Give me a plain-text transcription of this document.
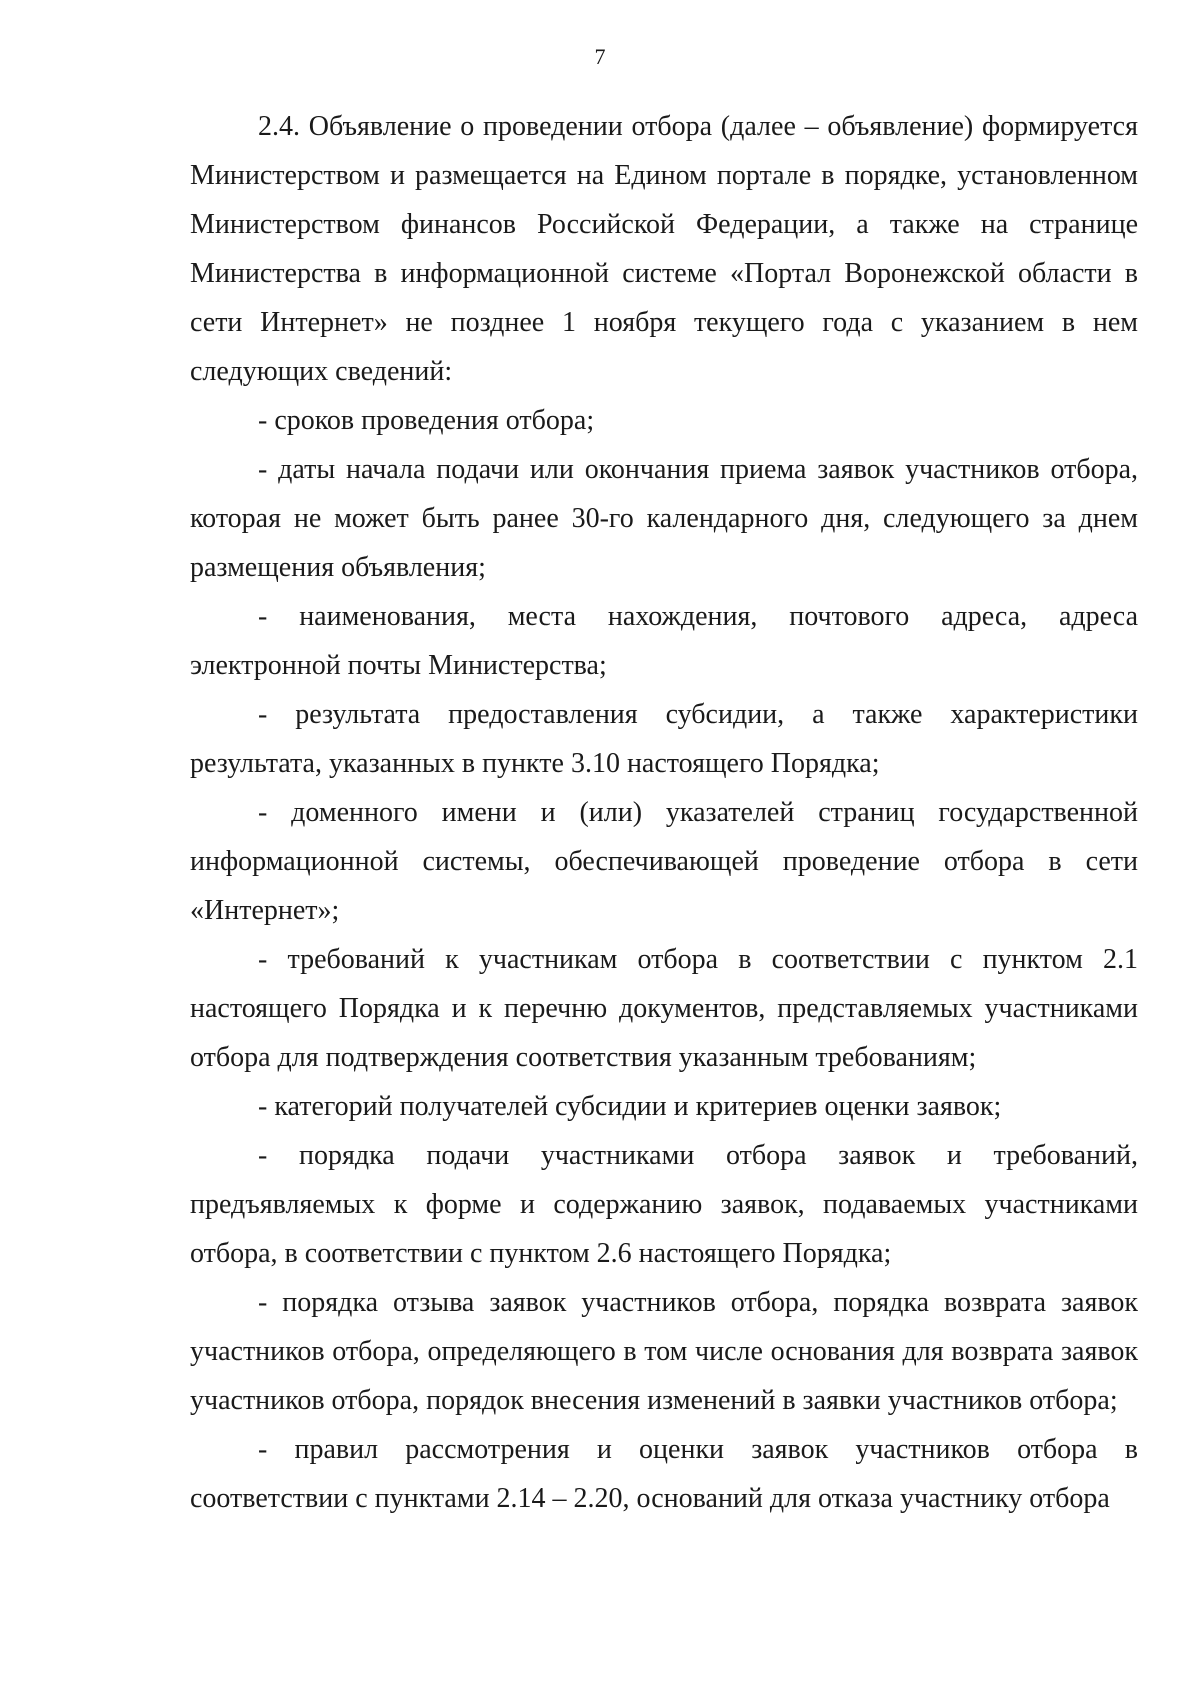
7

2.4. Объявление о проведении отбора (далее – объявление) формируется Министерством и размещается на Едином портале в порядке, установленном Министерством финансов Российской Федерации, а также на странице Министерства в информационной системе «Портал Воронежской области в сети Интернет» не позднее 1 ноября текущего года с указанием в нем следующих сведений:

- сроков проведения отбора;

- даты начала подачи или окончания приема заявок участников отбора, которая не может быть ранее 30-го календарного дня, следующего за днем размещения объявления;

- наименования, места нахождения, почтового адреса, адреса электронной почты Министерства;

- результата предоставления субсидии, а также характеристики результата, указанных в пункте 3.10 настоящего Порядка;

- доменного имени и (или) указателей страниц государственной информационной системы, обеспечивающей проведение отбора в сети «Интернет»;

- требований к участникам отбора в соответствии с пунктом 2.1 настоящего Порядка и к перечню документов, представляемых участниками отбора для подтверждения соответствия указанным требованиям;

- категорий получателей субсидии и критериев оценки заявок;

- порядка подачи участниками отбора заявок и требований, предъявляемых к форме и содержанию заявок, подаваемых участниками отбора, в соответствии с пунктом 2.6 настоящего Порядка;

- порядка отзыва заявок участников отбора, порядка возврата заявок участников отбора, определяющего в том числе основания для возврата заявок участников отбора, порядок внесения изменений в заявки участников отбора;

- правил рассмотрения и оценки заявок участников отбора в соответствии с пунктами 2.14 – 2.20, оснований для отказа участнику отбора
